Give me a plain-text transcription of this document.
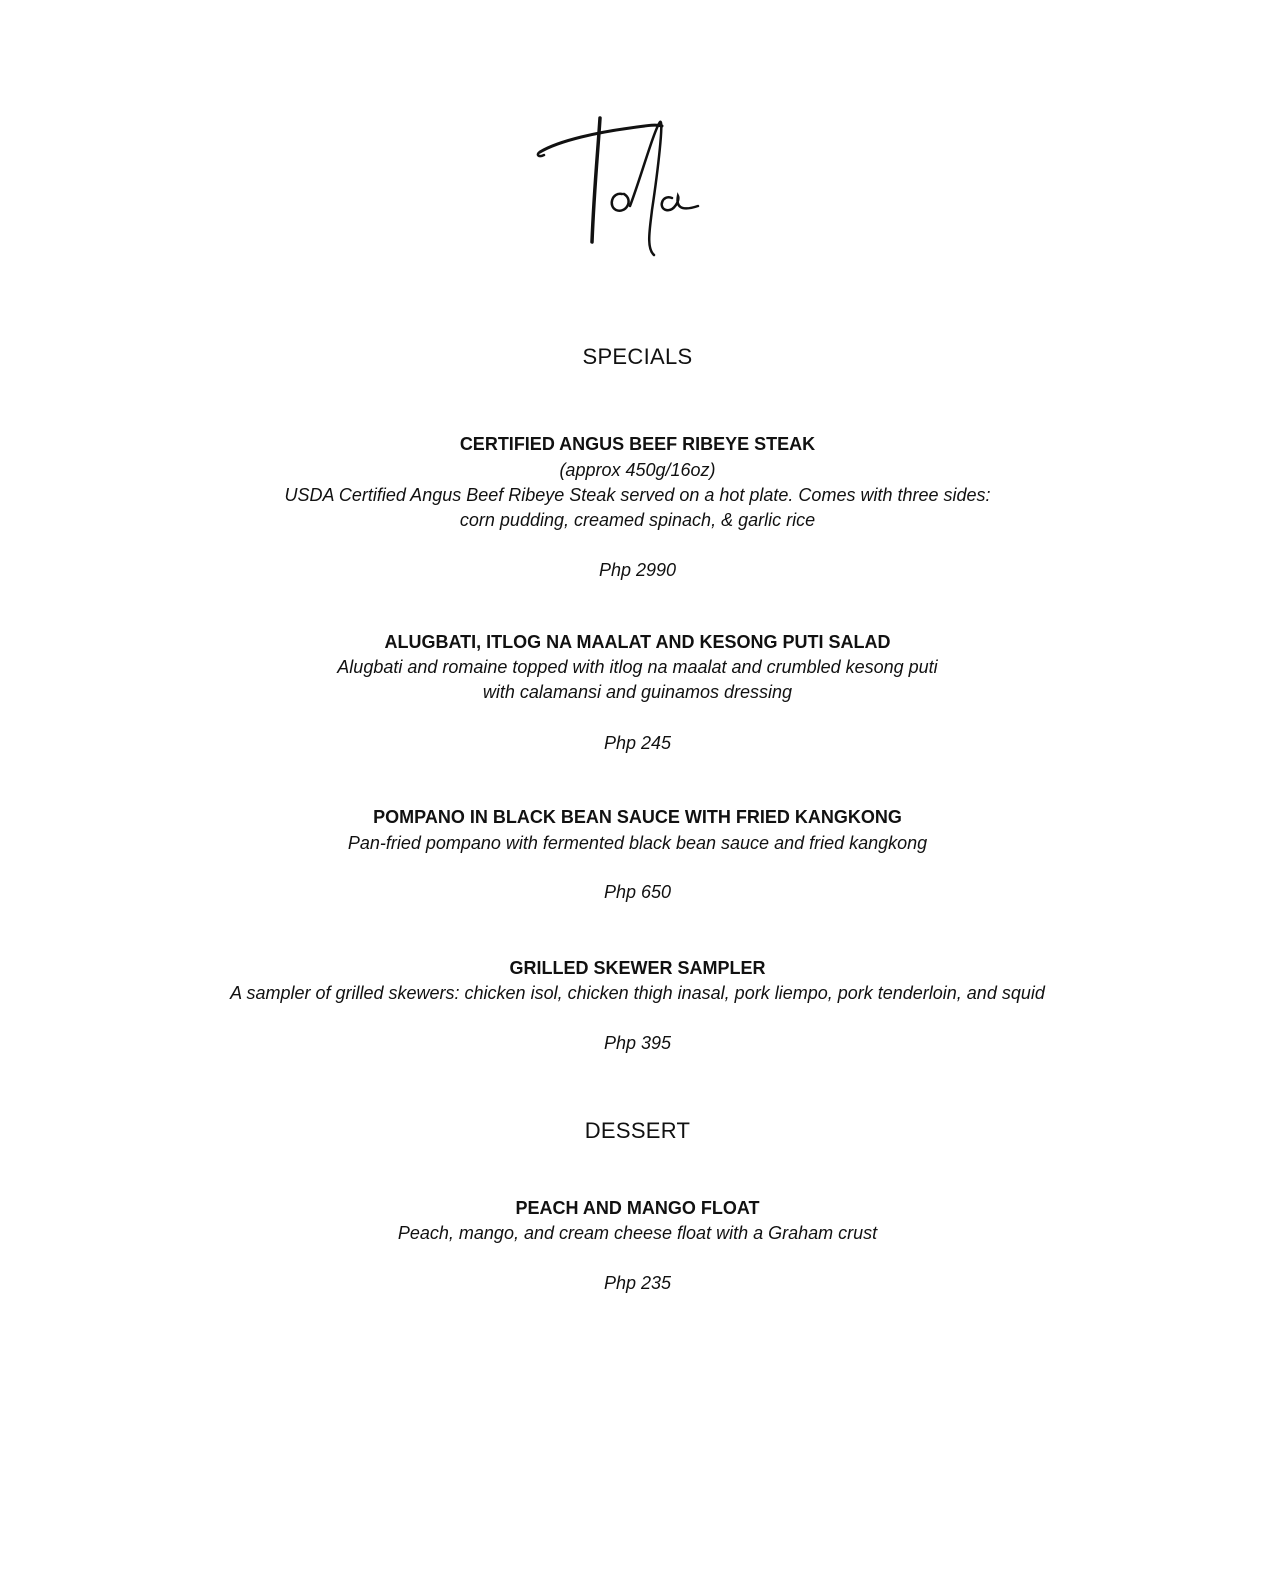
SPECIALS
CERTIFIED ANGUS BEEF RIBEYE STEAK
(approx 450g/16oz)
USDA Certified Angus Beef Ribeye Steak served on a hot plate. Comes with three sides:
corn pudding, creamed spinach, & garlic rice
Php 2990
ALUGBATI, ITLOG NA MAALAT AND KESONG PUTI SALAD
Alugbati and romaine topped with itlog na maalat and crumbled kesong puti
with calamansi and guinamos dressing
Php 245
POMPANO IN BLACK BEAN SAUCE WITH FRIED KANGKONG
Pan-fried pompano with fermented black bean sauce and fried kangkong
Php 650
GRILLED SKEWER SAMPLER
A sampler of grilled skewers: chicken isol, chicken thigh inasal, pork liempo, pork tenderloin, and squid
Php 395
DESSERT
PEACH AND MANGO FLOAT
Peach, mango, and cream cheese float with a Graham crust
Php 235
